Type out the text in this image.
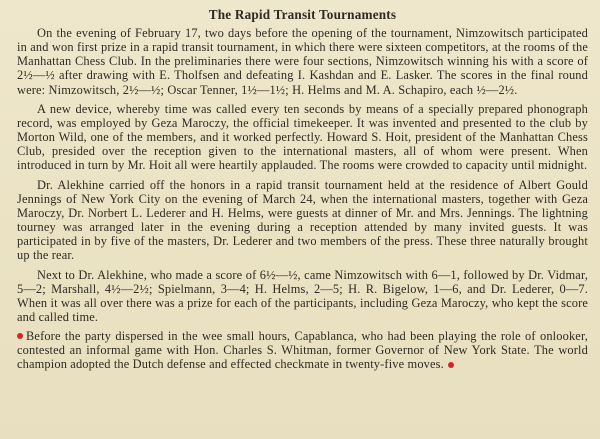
The Rapid Transit Tournaments

On the evening of February 17, two days before the opening of the tournament, Nimzowitsch participated in and won first prize in a rapid transit tournament, in which there were sixteen competitors, at the rooms of the Manhattan Chess Club. In the preliminaries there were four sections, Nimzowitsch winning his with a score of 2½—½ after drawing with E. Tholfsen and defeating I. Kashdan and E. Lasker. The scores in the final round were: Nimzowitsch, 2½—½; Oscar Tenner, 1½—1½; H. Helms and M. A. Schapiro, each ½—2½.

A new device, whereby time was called every ten seconds by means of a specially prepared phonograph record, was employed by Geza Maroczy, the official timekeeper. It was invented and presented to the club by Morton Wild, one of the members, and it worked perfectly. Howard S. Hoit, president of the Manhattan Chess Club, presided over the reception given to the international masters, all of whom were present. When introduced in turn by Mr. Hoit all were heartily applauded. The rooms were crowded to capacity until midnight.

Dr. Alekhine carried off the honors in a rapid transit tournament held at the residence of Albert Gould Jennings of New York City on the evening of March 24, when the international masters, together with Geza Maroczy, Dr. Norbert L. Lederer and H. Helms, were guests at dinner of Mr. and Mrs. Jennings. The lightning tourney was arranged later in the evening during a reception attended by many invited guests. It was participated in by five of the masters, Dr. Lederer and two members of the press. These three naturally brought up the rear.

Next to Dr. Alekhine, who made a score of 6½—½, came Nimzowitsch with 6—1, followed by Dr. Vidmar, 5—2; Marshall, 4½—2½; Spielmann, 3—4; H. Helms, 2—5; H. R. Bigelow, 1—6, and Dr. Lederer, 0—7. When it was all over there was a prize for each of the participants, including Geza Maroczy, who kept the score and called time.

Before the party dispersed in the wee small hours, Capablanca, who had been playing the role of onlooker, contested an informal game with Hon. Charles S. Whitman, former Governor of New York State. The world champion adopted the Dutch defense and effected checkmate in twenty-five moves.
